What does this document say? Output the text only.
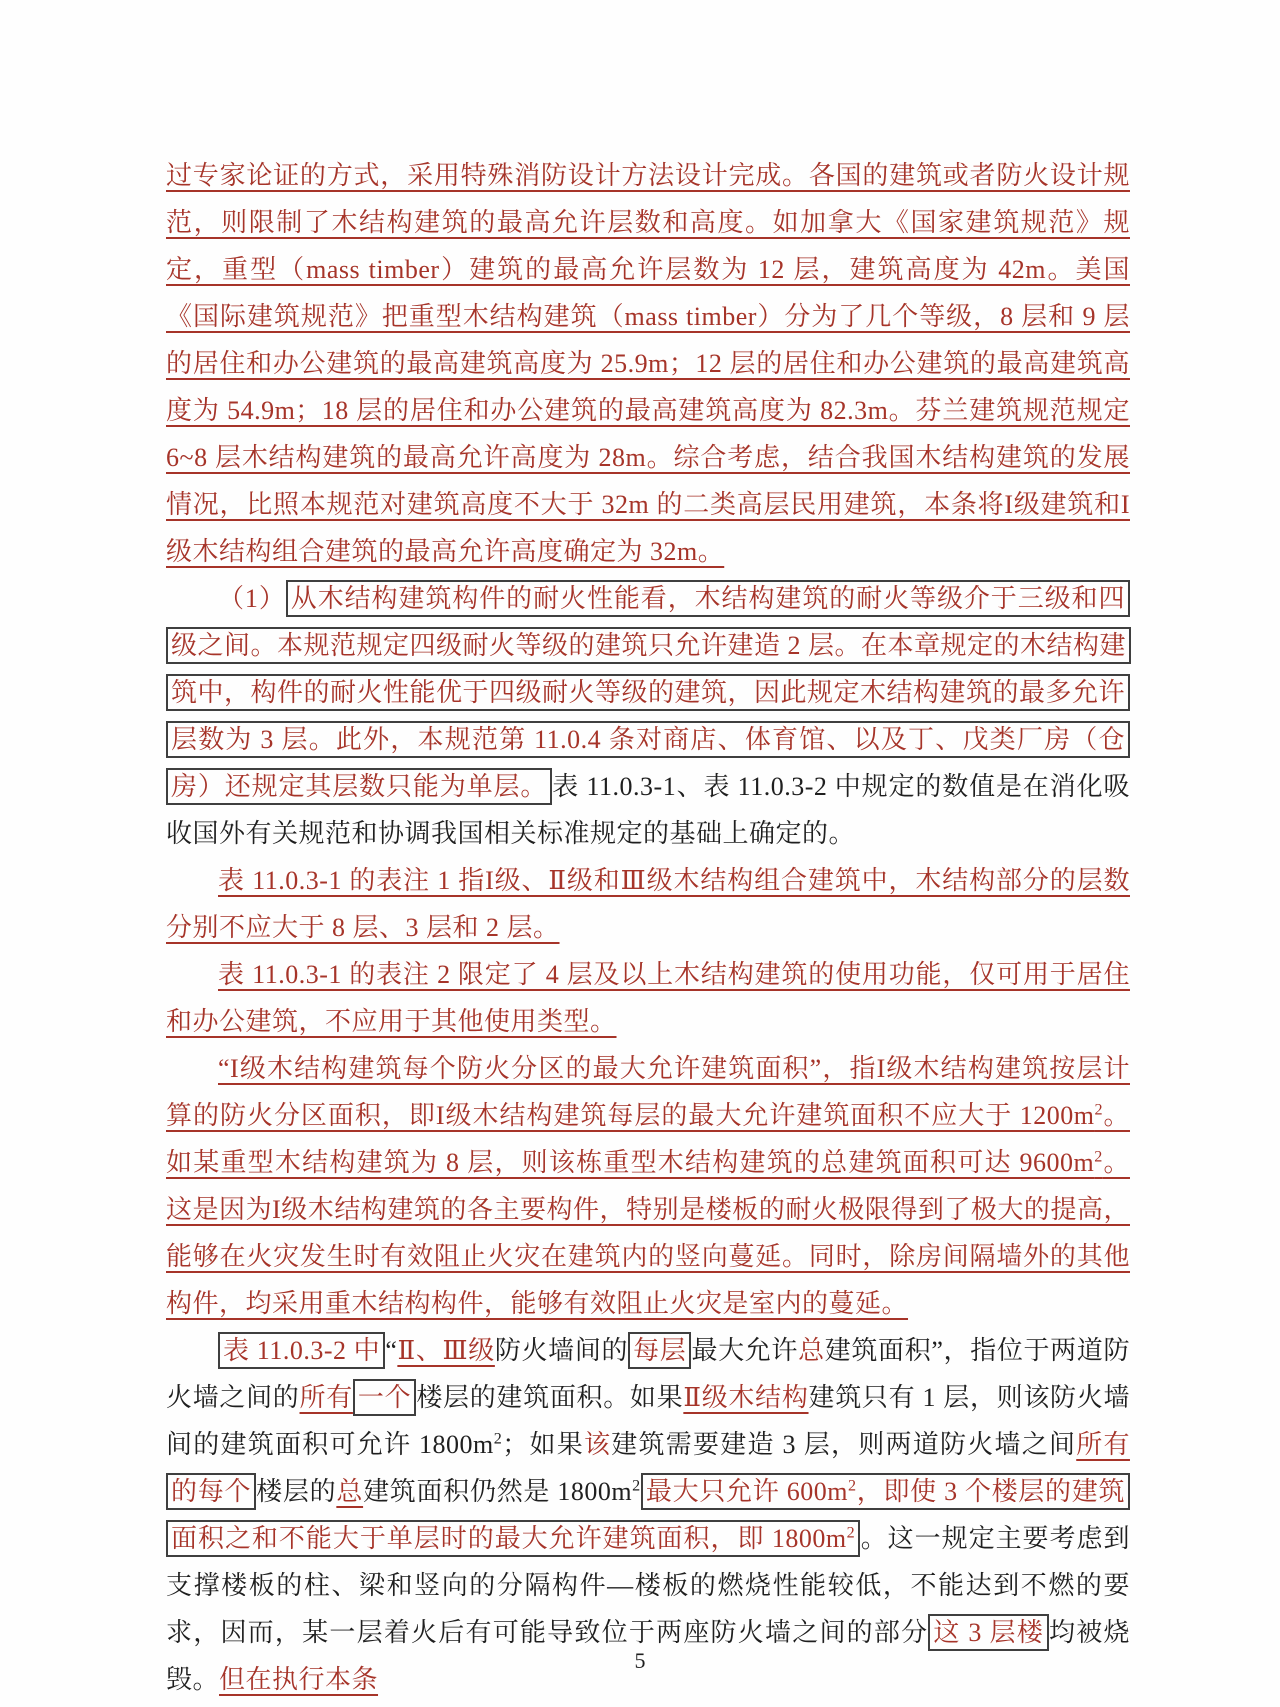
过专家论证的方式，采用特殊消防设计方法设计完成。各国的建筑或者防火设计规范，则限制了木结构建筑的最高允许层数和高度。如加拿大《国家建筑规范》规定，重型（mass timber）建筑的最高允许层数为 12 层，建筑高度为 42m。美国《国际建筑规范》把重型木结构建筑（mass timber）分为了几个等级，8 层和 9 层的居住和办公建筑的最高建筑高度为 25.9m；12 层的居住和办公建筑的最高建筑高度为 54.9m；18 层的居住和办公建筑的最高建筑高度为 82.3m。芬兰建筑规范规定 6~8 层木结构建筑的最高允许高度为 28m。综合考虑，结合我国木结构建筑的发展情况，比照本规范对建筑高度不大于 32m 的二类高层民用建筑，本条将I级建筑和I级木结构组合建筑的最高允许高度确定为 32m。

（1） 从木结构建筑构件的耐火性能看，木结构建筑的耐火等级介于三级和四级之间。本规范规定四级耐火等级的建筑只允许建造 2 层。在本章规定的木结构建筑中，构件的耐火性能优于四级耐火等级的建筑，因此规定木结构建筑的最多允许层数为 3 层。此外，本规范第 11.0.4 条对商店、体育馆、以及丁、戊类厂房（仓房）还规定其层数只能为单层。 表 11.0.3-1、表 11.0.3-2 中规定的数值是在消化吸收国外有关规范和协调我国相关标准规定的基础上确定的。

表 11.0.3-1 的表注 1 指I级、Ⅱ级和Ⅲ级木结构组合建筑中，木结构部分的层数分别不应大于 8 层、3 层和 2 层。

表 11.0.3-1 的表注 2 限定了 4 层及以上木结构建筑的使用功能，仅可用于居住和办公建筑，不应用于其他使用类型。

“I级木结构建筑每个防火分区的最大允许建筑面积”，指I级木结构建筑按层计算的防火分区面积，即I级木结构建筑每层的最大允许建筑面积不应大于 $1200m^2$。如某重型木结构建筑为 8 层，则该栋重型木结构建筑的总建筑面积可达 $9600m^2$。这是因为I级木结构建筑的各主要构件，特别是楼板的耐火极限得到了极大的提高，能够在火灾发生时有效阻止火灾在建筑内的竖向蔓延。同时，除房间隔墙外的其他构件，均采用重木结构构件，能够有效阻止火灾是室内的蔓延。

表 11.0.3-2 中 “Ⅱ、Ⅲ级防火墙间的 每层 最大允许总建筑面积”，指位于两道防火墙之间的所有 一个 楼层的建筑面积。如果Ⅱ级木结构建筑只有 1 层，则该防火墙间的建筑面积可允许 $1800m^2$；如果该建筑需要建造 3 层，则两道防火墙之间所有的每个 楼层的总建筑面积仍然是 $1800m^2$ 最大只允许 $600m^2$，即使 3 个楼层的建筑面积之和不能大于单层时的最大允许建筑面积，即 $1800m^2$ 。这一规定主要考虑到支撑楼板的柱、梁和竖向的分隔构件—楼板的燃烧性能较低，不能达到不燃的要求，因而，某一层着火后有可能导致位于两座防火墙之间的部分 这 3 层楼 均被烧毁。但在执行本条

5
